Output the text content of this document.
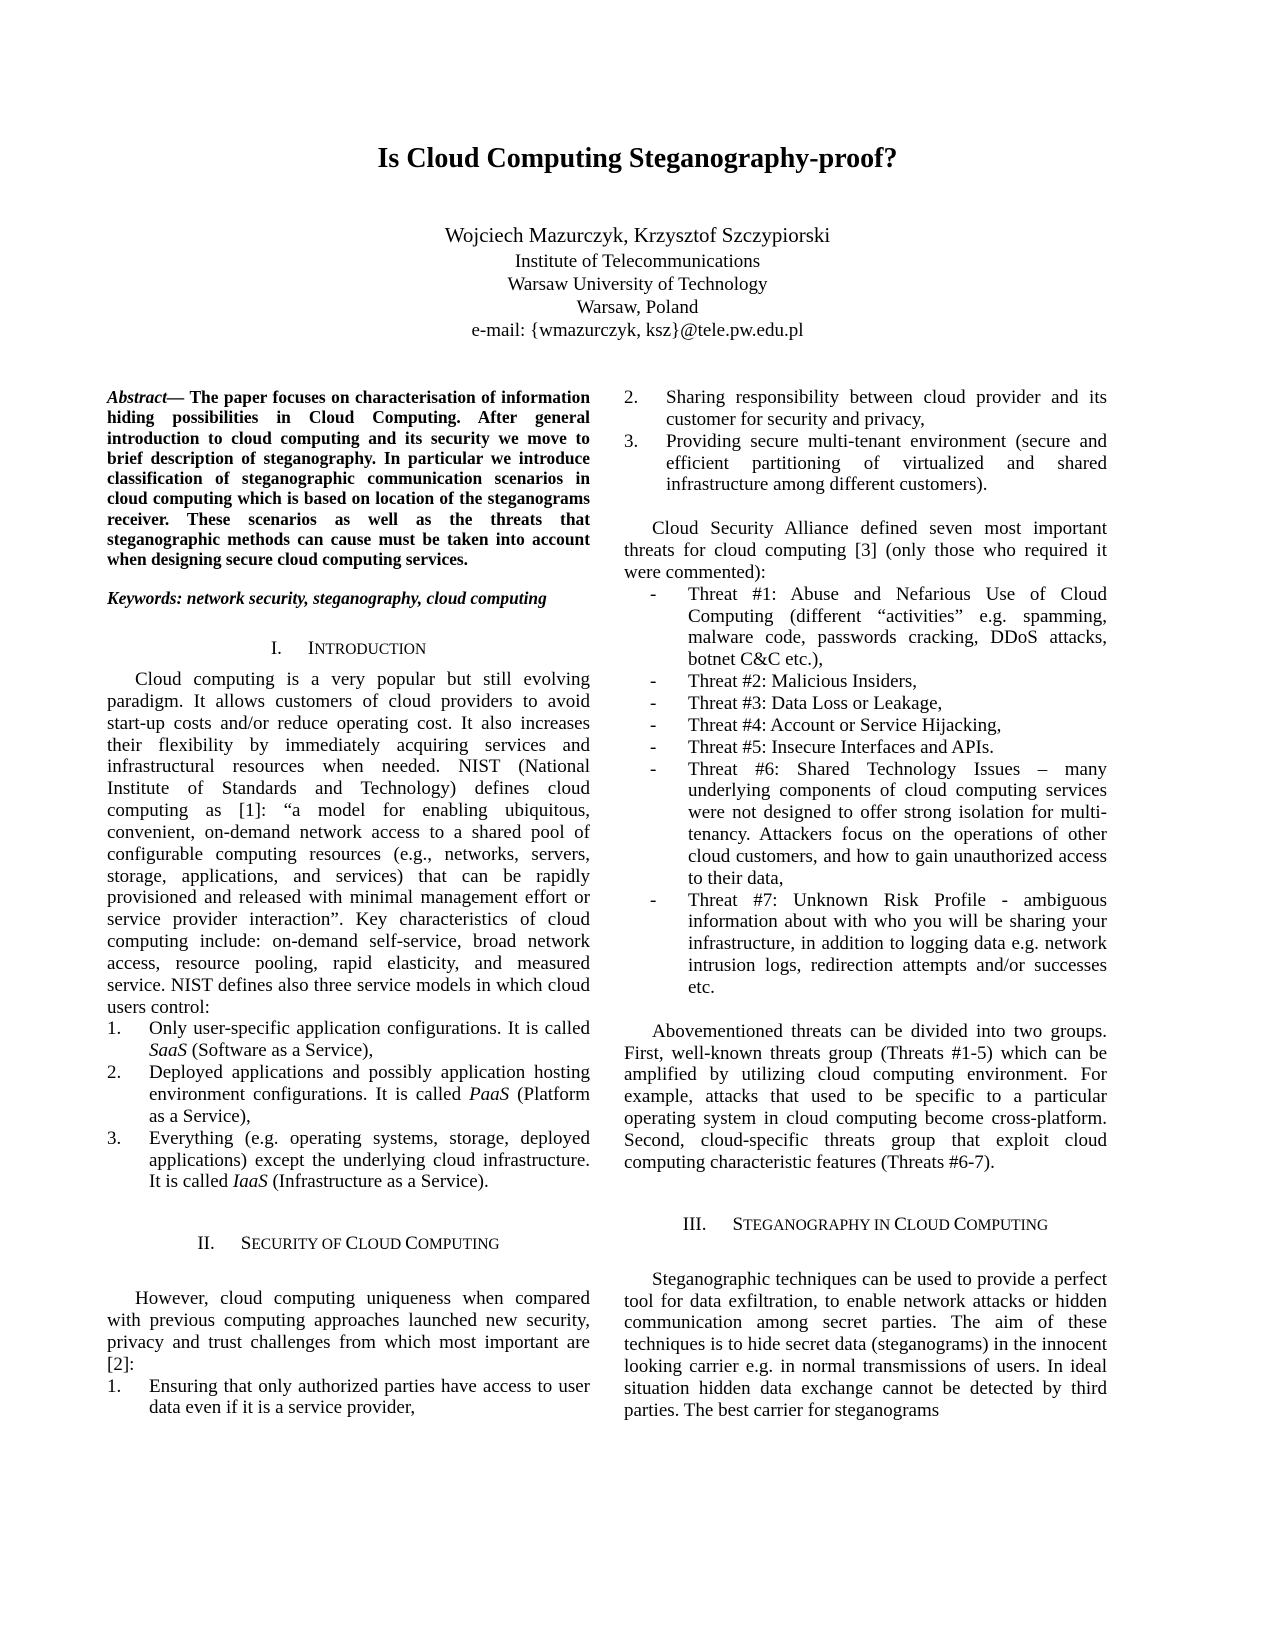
Is Cloud Computing Steganography-proof?
Wojciech Mazurczyk, Krzysztof Szczypiorski
Institute of Telecommunications
Warsaw University of Technology
Warsaw, Poland
e-mail: {wmazurczyk, ksz}@tele.pw.edu.pl

Abstract— The paper focuses on characterisation of information hiding possibilities in Cloud Computing. After general introduction to cloud computing and its security we move to brief description of steganography. In particular we introduce classification of steganographic communication scenarios in cloud computing which is based on location of the steganograms receiver. These scenarios as well as the threats that steganographic methods can cause must be taken into account when designing secure cloud computing services.

Keywords: network security, steganography, cloud computing

I. INTRODUCTION

Cloud computing is a very popular but still evolving paradigm. It allows customers of cloud providers to avoid start-up costs and/or reduce operating cost. It also increases their flexibility by immediately acquiring services and infrastructural resources when needed. NIST (National Institute of Standards and Technology) defines cloud computing as [1]: “a model for enabling ubiquitous, convenient, on-demand network access to a shared pool of configurable computing resources (e.g., networks, servers, storage, applications, and services) that can be rapidly provisioned and released with minimal management effort or service provider interaction”. Key characteristics of cloud computing include: on-demand self-service, broad network access, resource pooling, rapid elasticity, and measured service. NIST defines also three service models in which cloud users control:

1. Only user-specific application configurations. It is called SaaS (Software as a Service),
2. Deployed applications and possibly application hosting environment configurations. It is called PaaS (Platform as a Service),
3. Everything (e.g. operating systems, storage, deployed applications) except the underlying cloud infrastructure. It is called IaaS (Infrastructure as a Service).
II. SECURITY OF CLOUD COMPUTING

However, cloud computing uniqueness when compared with previous computing approaches launched new security, privacy and trust challenges from which most important are [2]:

1. Ensuring that only authorized parties have access to user data even if it is a service provider,
2. Sharing responsibility between cloud provider and its customer for security and privacy,
3. Providing secure multi-tenant environment (secure and efficient partitioning of virtualized and shared infrastructure among different customers).

Cloud Security Alliance defined seven most important threats for cloud computing [3] (only those who required it were commented):

- Threat #1: Abuse and Nefarious Use of Cloud Computing (different “activities” e.g. spamming, malware code, passwords cracking, DDoS attacks, botnet C&C etc.),
- Threat #2: Malicious Insiders,
- Threat #3: Data Loss or Leakage,
- Threat #4: Account or Service Hijacking,
- Threat #5: Insecure Interfaces and APIs.
- Threat #6: Shared Technology Issues – many underlying components of cloud computing services were not designed to offer strong isolation for multi-tenancy. Attackers focus on the operations of other cloud customers, and how to gain unauthorized access to their data,
- Threat #7: Unknown Risk Profile - ambiguous information about with who you will be sharing your infrastructure, in addition to logging data e.g. network intrusion logs, redirection attempts and/or successes etc.

Abovementioned threats can be divided into two groups. First, well-known threats group (Threats #1-5) which can be amplified by utilizing cloud computing environment. For example, attacks that used to be specific to a particular operating system in cloud computing become cross-platform. Second, cloud-specific threats group that exploit cloud computing characteristic features (Threats #6-7).

III. STEGANOGRAPHY IN CLOUD COMPUTING

Steganographic techniques can be used to provide a perfect tool for data exfiltration, to enable network attacks or hidden communication among secret parties. The aim of these techniques is to hide secret data (steganograms) in the innocent looking carrier e.g. in normal transmissions of users. In ideal situation hidden data exchange cannot be detected by third parties. The best carrier for steganograms
